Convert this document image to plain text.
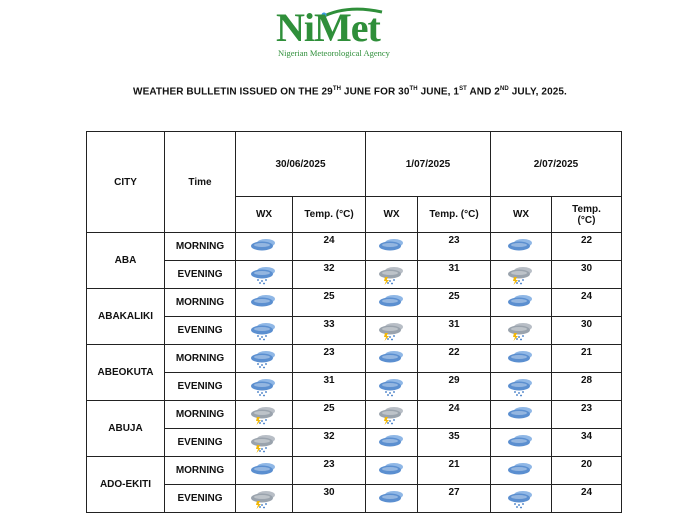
NiMet
Nigerian Meteorological Agency
WEATHER BULLETIN ISSUED ON THE 29TH JUNE FOR 30TH JUNE, 1ST AND 2ND JULY, 2025.
CITY	Time	30/06/2025		1/07/2025		2/07/2025	
		WX	Temp. (°C)	WX	Temp. (°C)	WX	Temp.
(°C)
ABA	MORNING		24		23		22
	EVENING		32		31		30
ABAKALIKI	MORNING		25		25		24
	EVENING		33		31		30
ABEOKUTA	MORNING		23		22		21
	EVENING		31		29		28
ABUJA	MORNING		25		24		23
	EVENING		32		35		34
ADO-EKITI	MORNING		23		21		20
	EVENING		30		27		24
